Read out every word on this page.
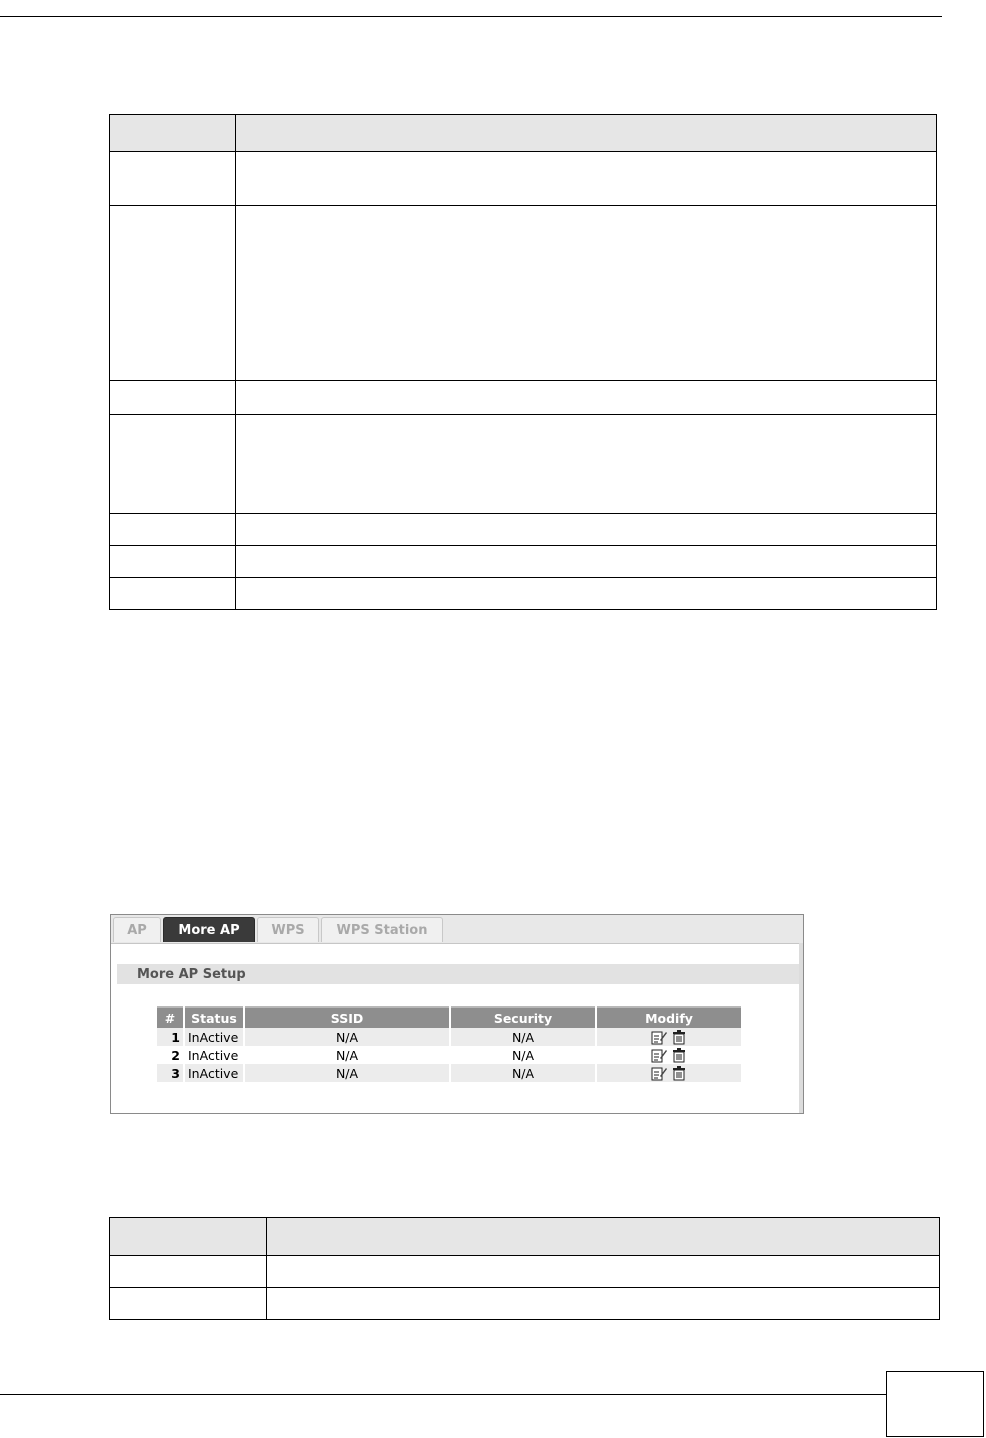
AP	More AP	WPS	WPS Station
More AP Setup
#	Status	SSID	Security	Modify
1	InActive	N/A	N/A	
2	InActive	N/A	N/A	
3	InActive	N/A	N/A	
